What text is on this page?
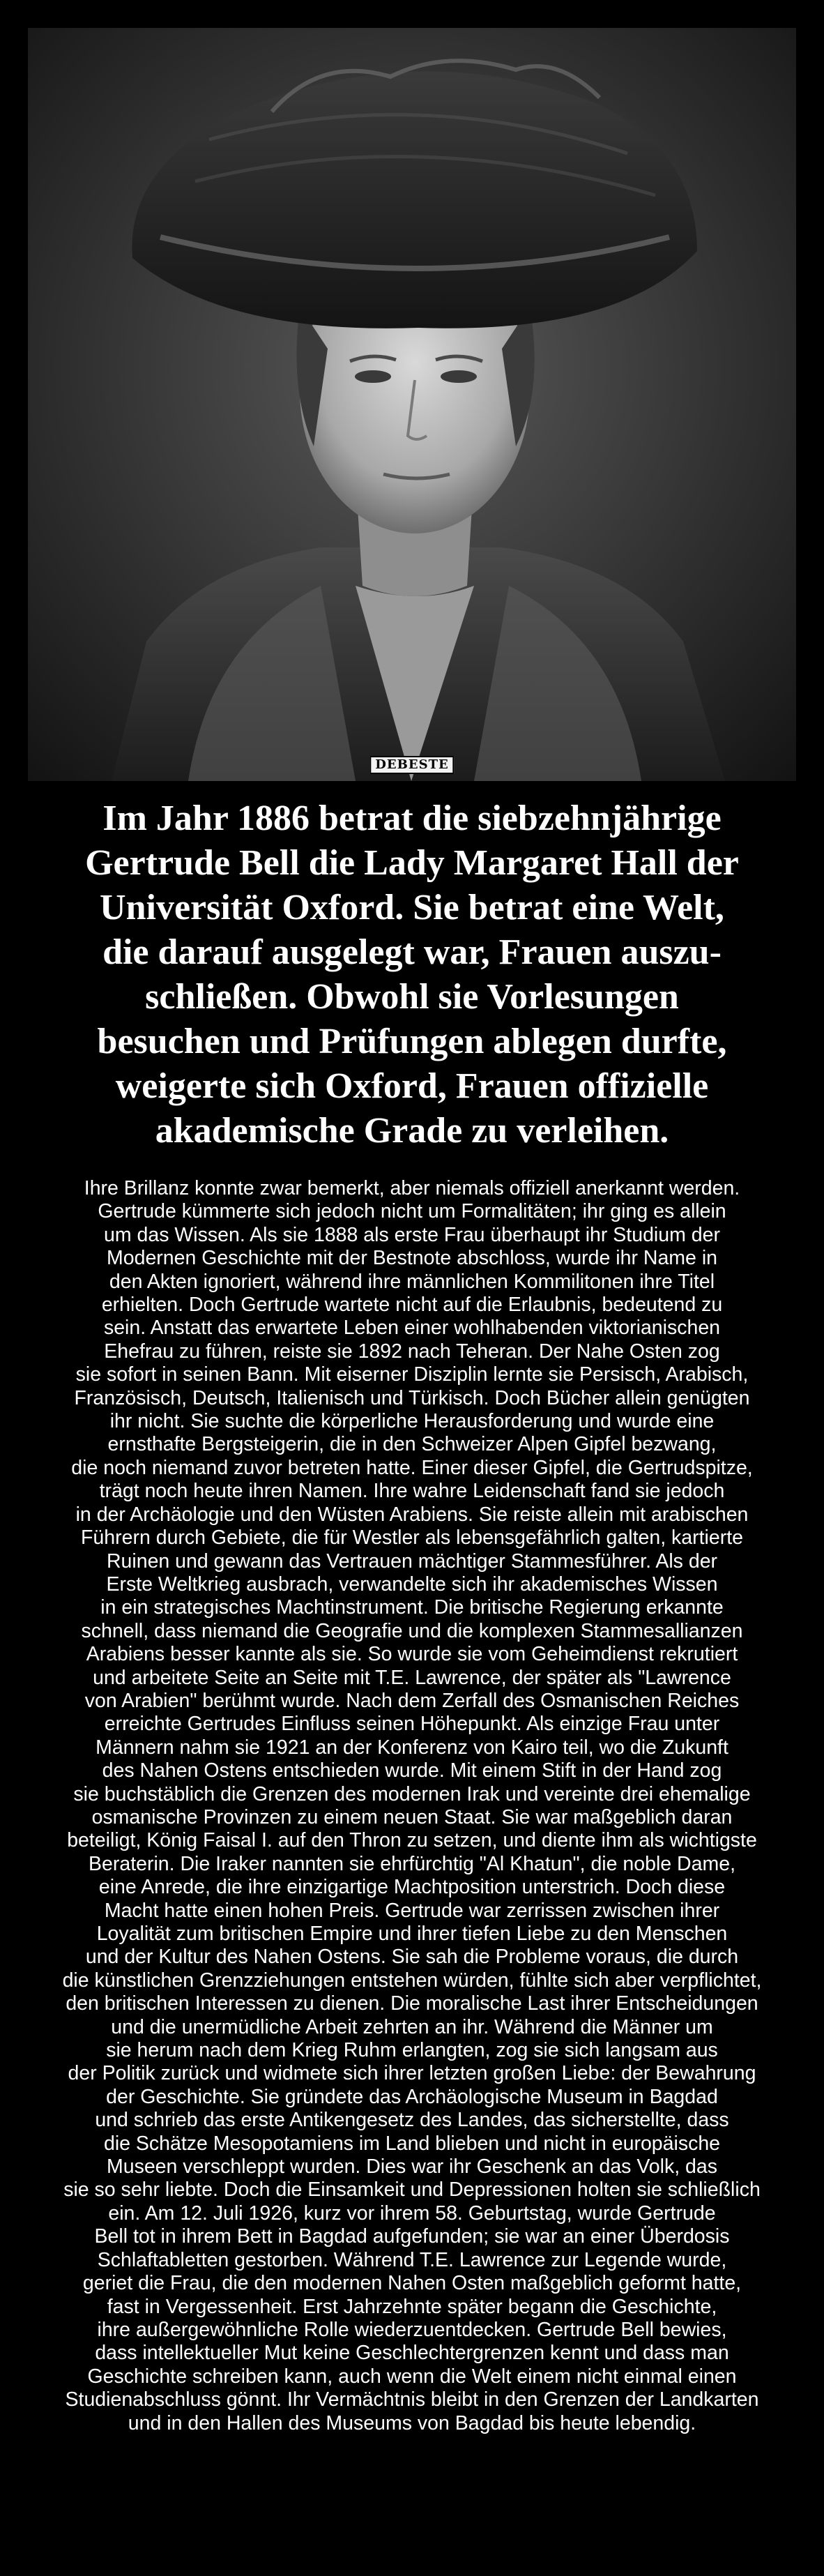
DEBESTE
Im Jahr 1886 betrat die siebzehnjährige
Gertrude Bell die Lady Margaret Hall der
Universität Oxford. Sie betrat eine Welt,
die darauf ausgelegt war, Frauen auszu-
schließen. Obwohl sie Vorlesungen
besuchen und Prüfungen ablegen durfte,
weigerte sich Oxford, Frauen offizielle
akademische Grade zu verleihen.

Ihre Brillanz konnte zwar bemerkt, aber niemals offiziell anerkannt werden.
Gertrude kümmerte sich jedoch nicht um Formalitäten; ihr ging es allein
um das Wissen. Als sie 1888 als erste Frau überhaupt ihr Studium der
Modernen Geschichte mit der Bestnote abschloss, wurde ihr Name in
den Akten ignoriert, während ihre männlichen Kommilitonen ihre Titel
erhielten. Doch Gertrude wartete nicht auf die Erlaubnis, bedeutend zu
sein. Anstatt das erwartete Leben einer wohlhabenden viktorianischen
Ehefrau zu führen, reiste sie 1892 nach Teheran. Der Nahe Osten zog
sie sofort in seinen Bann. Mit eiserner Disziplin lernte sie Persisch, Arabisch,
Französisch, Deutsch, Italienisch und Türkisch. Doch Bücher allein genügten
ihr nicht. Sie suchte die körperliche Herausforderung und wurde eine
ernsthafte Bergsteigerin, die in den Schweizer Alpen Gipfel bezwang,
die noch niemand zuvor betreten hatte. Einer dieser Gipfel, die Gertrudspitze,
trägt noch heute ihren Namen. Ihre wahre Leidenschaft fand sie jedoch
in der Archäologie und den Wüsten Arabiens. Sie reiste allein mit arabischen
Führern durch Gebiete, die für Westler als lebensgefährlich galten, kartierte
Ruinen und gewann das Vertrauen mächtiger Stammesführer. Als der
Erste Weltkrieg ausbrach, verwandelte sich ihr akademisches Wissen
in ein strategisches Machtinstrument. Die britische Regierung erkannte
schnell, dass niemand die Geografie und die komplexen Stammesallianzen
Arabiens besser kannte als sie. So wurde sie vom Geheimdienst rekrutiert
und arbeitete Seite an Seite mit T.E. Lawrence, der später als "Lawrence
von Arabien" berühmt wurde. Nach dem Zerfall des Osmanischen Reiches
erreichte Gertrudes Einfluss seinen Höhepunkt. Als einzige Frau unter
Männern nahm sie 1921 an der Konferenz von Kairo teil, wo die Zukunft
des Nahen Ostens entschieden wurde. Mit einem Stift in der Hand zog
sie buchstäblich die Grenzen des modernen Irak und vereinte drei ehemalige
osmanische Provinzen zu einem neuen Staat. Sie war maßgeblich daran
beteiligt, König Faisal I. auf den Thron zu setzen, und diente ihm als wichtigste
Beraterin. Die Iraker nannten sie ehrfürchtig "Al Khatun", die noble Dame,
eine Anrede, die ihre einzigartige Machtposition unterstrich. Doch diese
Macht hatte einen hohen Preis. Gertrude war zerrissen zwischen ihrer
Loyalität zum britischen Empire und ihrer tiefen Liebe zu den Menschen
und der Kultur des Nahen Ostens. Sie sah die Probleme voraus, die durch
die künstlichen Grenzziehungen entstehen würden, fühlte sich aber verpflichtet,
den britischen Interessen zu dienen. Die moralische Last ihrer Entscheidungen
und die unermüdliche Arbeit zehrten an ihr. Während die Männer um
sie herum nach dem Krieg Ruhm erlangten, zog sie sich langsam aus
der Politik zurück und widmete sich ihrer letzten großen Liebe: der Bewahrung
der Geschichte. Sie gründete das Archäologische Museum in Bagdad
und schrieb das erste Antikengesetz des Landes, das sicherstellte, dass
die Schätze Mesopotamiens im Land blieben und nicht in europäische
Museen verschleppt wurden. Dies war ihr Geschenk an das Volk, das
sie so sehr liebte. Doch die Einsamkeit und Depressionen holten sie schließlich
ein. Am 12. Juli 1926, kurz vor ihrem 58. Geburtstag, wurde Gertrude
Bell tot in ihrem Bett in Bagdad aufgefunden; sie war an einer Überdosis
Schlaftabletten gestorben. Während T.E. Lawrence zur Legende wurde,
geriet die Frau, die den modernen Nahen Osten maßgeblich geformt hatte,
fast in Vergessenheit. Erst Jahrzehnte später begann die Geschichte,
ihre außergewöhnliche Rolle wiederzuentdecken. Gertrude Bell bewies,
dass intellektueller Mut keine Geschlechtergrenzen kennt und dass man
Geschichte schreiben kann, auch wenn die Welt einem nicht einmal einen
Studienabschluss gönnt. Ihr Vermächtnis bleibt in den Grenzen der Landkarten
und in den Hallen des Museums von Bagdad bis heute lebendig.
